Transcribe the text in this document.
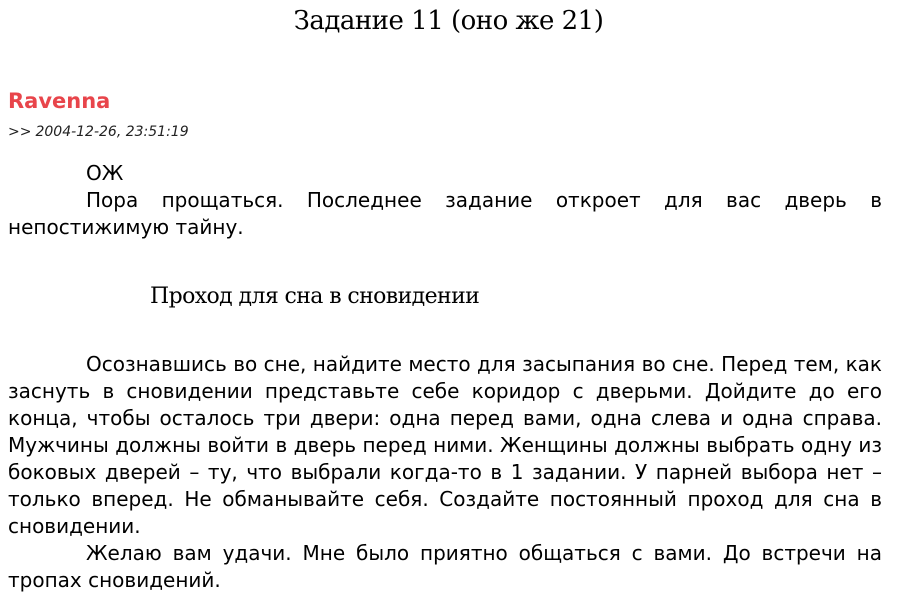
Задание 11 (оно же 21)
Ravenna
>> 2004-12-26, 23:51:19

ОЖ

Пора прощаться. Последнее задание откроет для вас дверь в непостижимую тайну.

Проход для сна в сновидении

Осознавшись во сне, найдите место для засыпания во сне. Перед тем, как заснуть в сновидении представьте себе коридор с дверьми. Дойдите до его конца, чтобы осталось три двери: одна перед вами, одна слева и одна справа. Мужчины должны войти в дверь перед ними. Женщины должны выбрать одну из боковых дверей – ту, что выбрали когда-то в 1 задании. У парней выбора нет – только вперед. Не обманывайте себя. Создайте постоянный проход для сна в сновидении.

Желаю вам удачи. Мне было приятно общаться с вами. До встречи на тропах сновидений.
